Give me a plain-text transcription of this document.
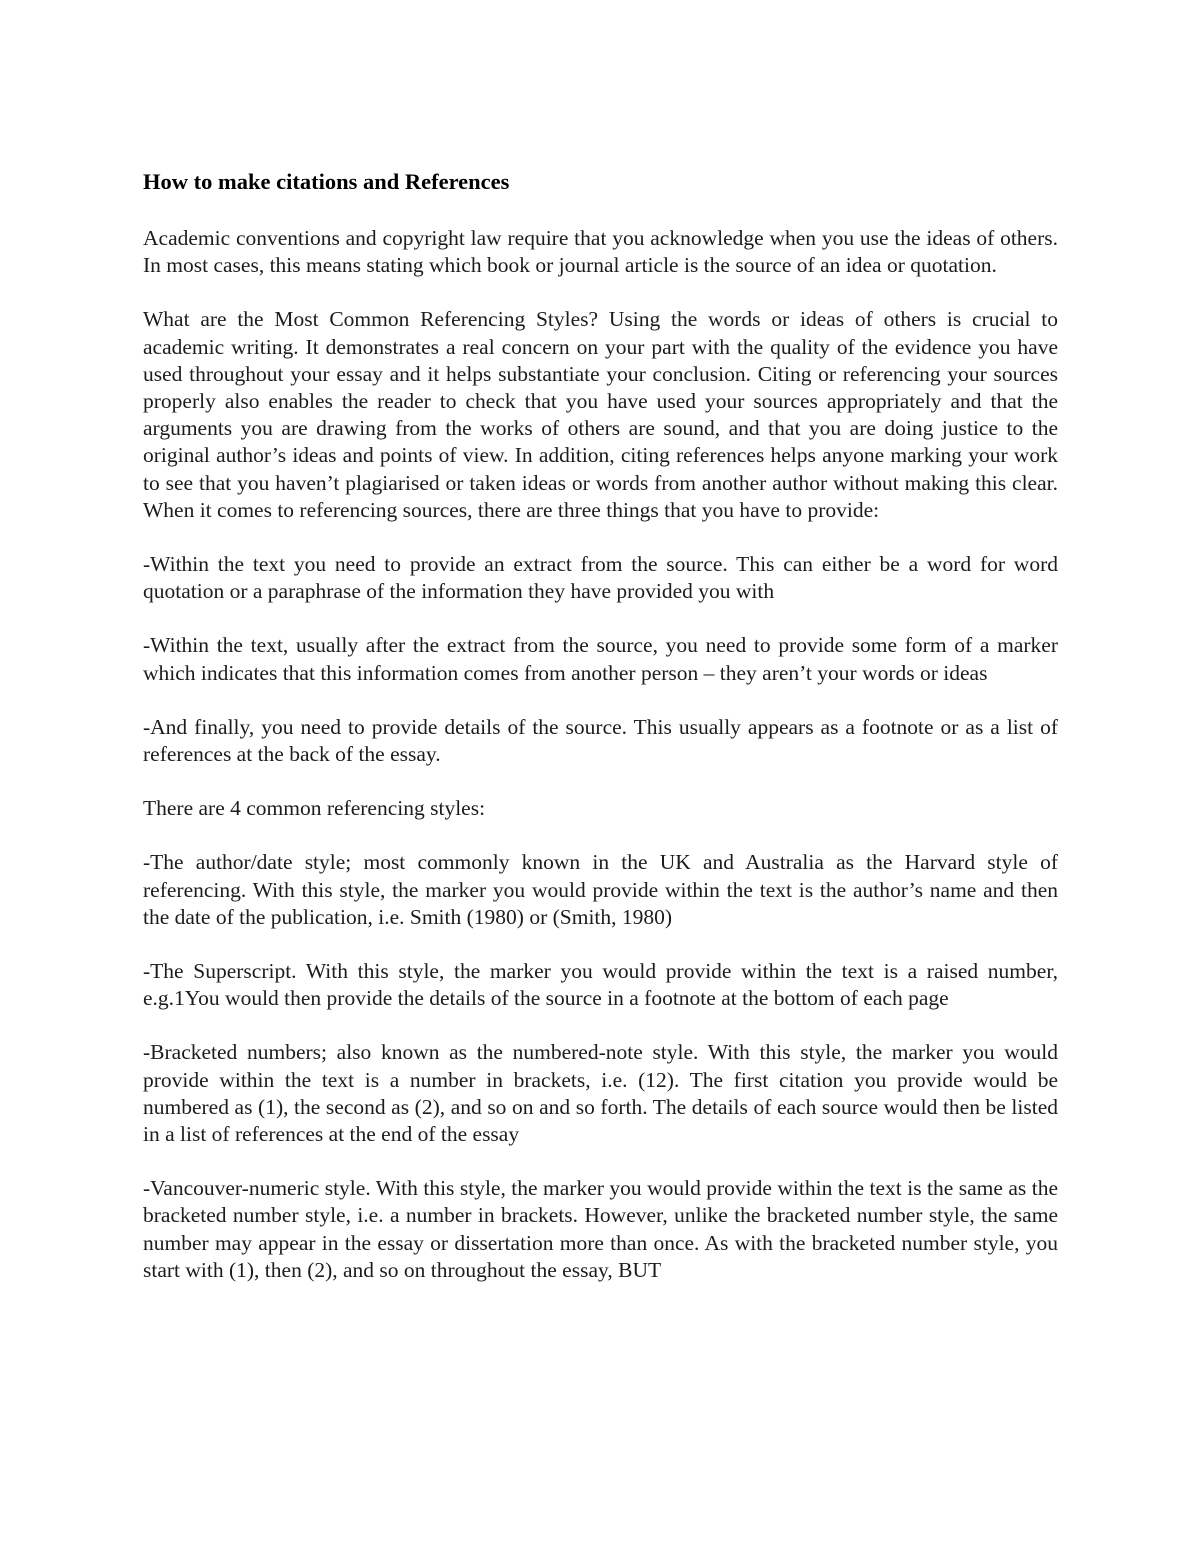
How to make citations and References

Academic conventions and copyright law require that you acknowledge when you use the ideas of others. In most cases, this means stating which book or journal article is the source of an idea or quotation.

What are the Most Common Referencing Styles? Using the words or ideas of others is crucial to academic writing. It demonstrates a real concern on your part with the quality of the evidence you have used throughout your essay and it helps substantiate your conclusion. Citing or referencing your sources properly also enables the reader to check that you have used your sources appropriately and that the arguments you are drawing from the works of others are sound, and that you are doing justice to the original author’s ideas and points of view. In addition, citing references helps anyone marking your work to see that you haven’t plagiarised or taken ideas or words from another author without making this clear. When it comes to referencing sources, there are three things that you have to provide:

-Within the text you need to provide an extract from the source. This can either be a word for word quotation or a paraphrase of the information they have provided you with

-Within the text, usually after the extract from the source, you need to provide some form of a marker which indicates that this information comes from another person – they aren’t your words or ideas

-And finally, you need to provide details of the source. This usually appears as a footnote or as a list of references at the back of the essay.

There are 4 common referencing styles:

-The author/date style; most commonly known in the UK and Australia as the Harvard style of referencing. With this style, the marker you would provide within the text is the author’s name and then the date of the publication, i.e. Smith (1980) or (Smith, 1980)

-The Superscript. With this style, the marker you would provide within the text is a raised number, e.g.1You would then provide the details of the source in a footnote at the bottom of each page

-Bracketed numbers; also known as the numbered-note style. With this style, the marker you would provide within the text is a number in brackets, i.e. (12). The first citation you provide would be numbered as (1), the second as (2), and so on and so forth. The details of each source would then be listed in a list of references at the end of the essay

-Vancouver-numeric style. With this style, the marker you would provide within the text is the same as the bracketed number style, i.e. a number in brackets. However, unlike the bracketed number style, the same number may appear in the essay or dissertation more than once. As with the bracketed number style, you start with (1), then (2), and so on throughout the essay, BUT
